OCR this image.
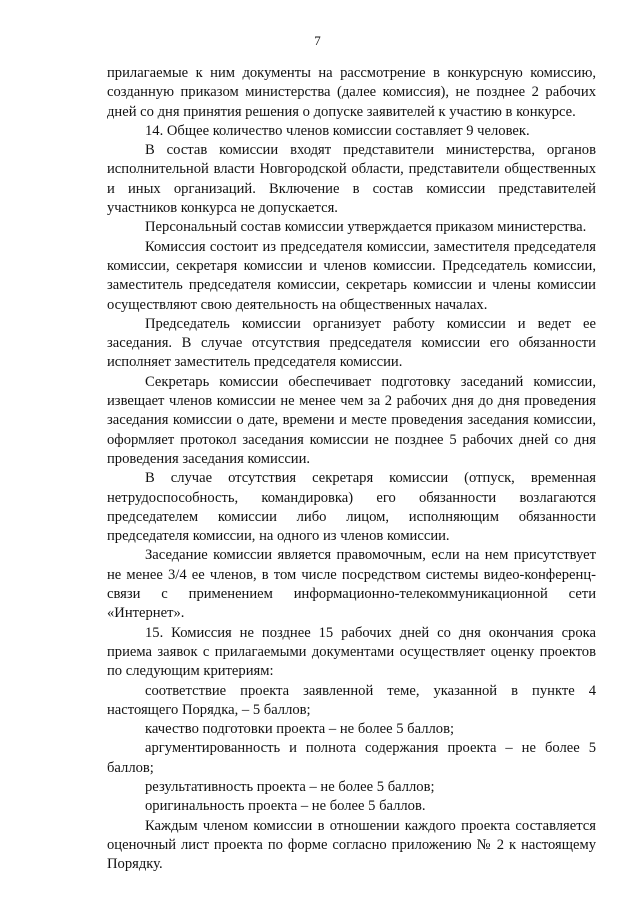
7

прилагаемые к ним документы на рассмотрение в конкурсную комиссию, созданную приказом министерства (далее комиссия), не позднее 2 рабочих дней со дня принятия решения о допуске заявителей к участию в конкурсе.

14. Общее количество членов комиссии составляет 9 человек.

В состав комиссии входят представители министерства, органов исполнительной власти Новгородской области, представители общественных и иных организаций. Включение в состав комиссии представителей участников конкурса не допускается.

Персональный состав комиссии утверждается приказом министерства.

Комиссия состоит из председателя комиссии, заместителя председателя комиссии, секретаря комиссии и членов комиссии. Председатель комиссии, заместитель председателя комиссии, секретарь комиссии и члены комиссии осуществляют свою деятельность на общественных началах.

Председатель комиссии организует работу комиссии и ведет ее заседания. В случае отсутствия председателя комиссии его обязанности исполняет заместитель председателя комиссии.

Секретарь комиссии обеспечивает подготовку заседаний комиссии, извещает членов комиссии не менее чем за 2 рабочих дня до дня проведения заседания комиссии о дате, времени и месте проведения заседания комиссии, оформляет протокол заседания комиссии не позднее 5 рабочих дней со дня проведения заседания комиссии.

В случае отсутствия секретаря комиссии (отпуск, временная нетрудоспособность, командировка) его обязанности возлагаются председателем комиссии либо лицом, исполняющим обязанности председателя комиссии, на одного из членов комиссии.

Заседание комиссии является правомочным, если на нем присутствует не менее 3/4 ее членов, в том числе посредством системы видео-конференц-связи с применением информационно-телекоммуникационной сети «Интернет».

15. Комиссия не позднее 15 рабочих дней со дня окончания срока приема заявок с прилагаемыми документами осуществляет оценку проектов по следующим критериям:

соответствие проекта заявленной теме, указанной в пункте 4 настоящего Порядка, – 5 баллов;

качество подготовки проекта – не более 5 баллов;

аргументированность и полнота содержания проекта – не более 5 баллов;

результативность проекта – не более 5 баллов;

оригинальность проекта – не более 5 баллов.

Каждым членом комиссии в отношении каждого проекта составляется оценочный лист проекта по форме согласно приложению № 2 к настоящему Порядку.
